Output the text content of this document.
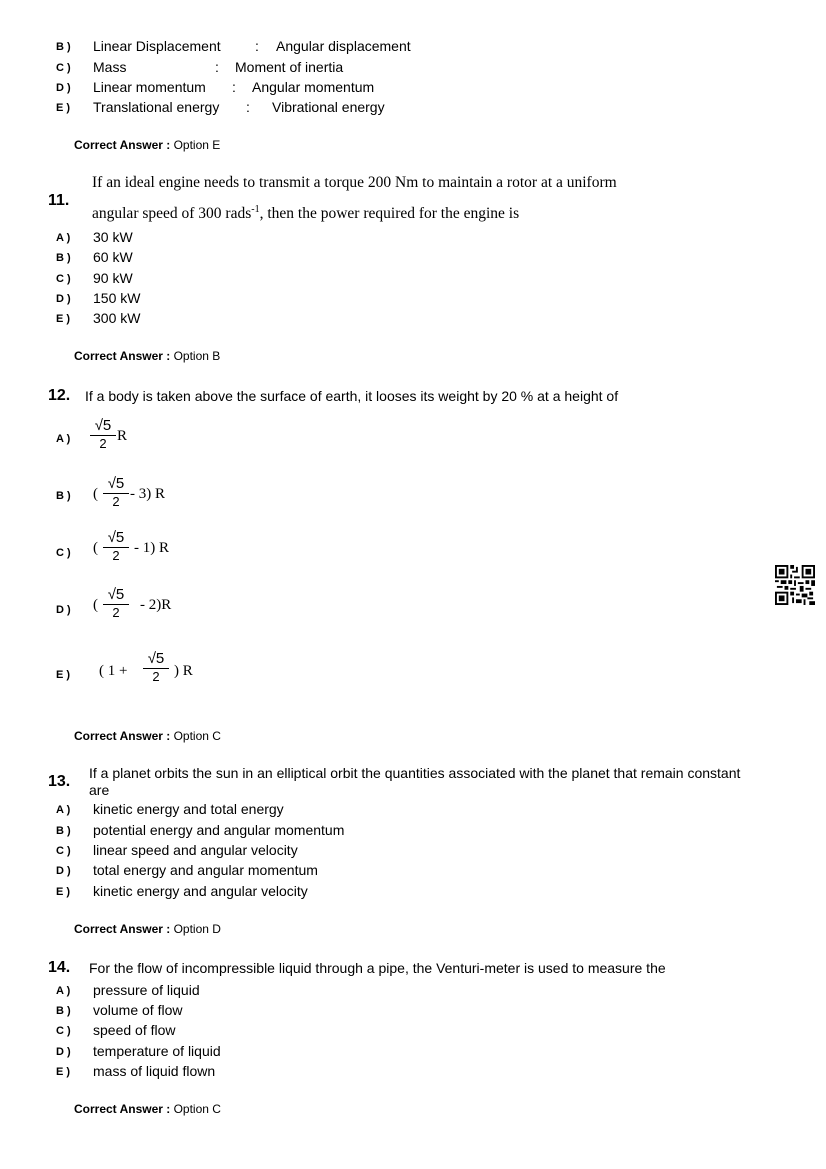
B ) Linear Displacement : Angular displacement
C ) Mass	: Moment of inertia
D ) Linear momentum : Angular momentum
E ) Translational energy : Vibrational energy
Correct Answer : Option E
11.
If an ideal engine needs to transmit a torque 200 Nm to maintain a rotor at a uniform
angular speed of 300 rads$^{-1}$, then the power required for the engine is
A ) 30 kW
B ) 60 kW
C ) 90 kW
D ) 150 kW
E ) 300 kW
Correct Answer : Option B
12. If a body is taken above the surface of earth, it looses its weight by 20 % at a height of
A )
√5
2 R
B ) (
√5
2 - 3) R
C ) (
√5
2 - 1) R
D ) (
√5
2	- 2)R
E ) ( 1 +
√5
2 ) R
Correct Answer : Option C
13. If a planet orbits the sun in an elliptical orbit the quantities associated with the planet that remain constant
are
A ) kinetic energy and total energy
B ) potential energy and angular momentum
C ) linear speed and angular velocity
D ) total energy and angular momentum
E ) kinetic energy and angular velocity
Correct Answer : Option D
14. For the flow of incompressible liquid through a pipe, the Venturi-meter is used to measure the
A ) pressure of liquid
B ) volume of flow
C ) speed of flow
D ) temperature of liquid
E ) mass of liquid flown
Correct Answer : Option C
